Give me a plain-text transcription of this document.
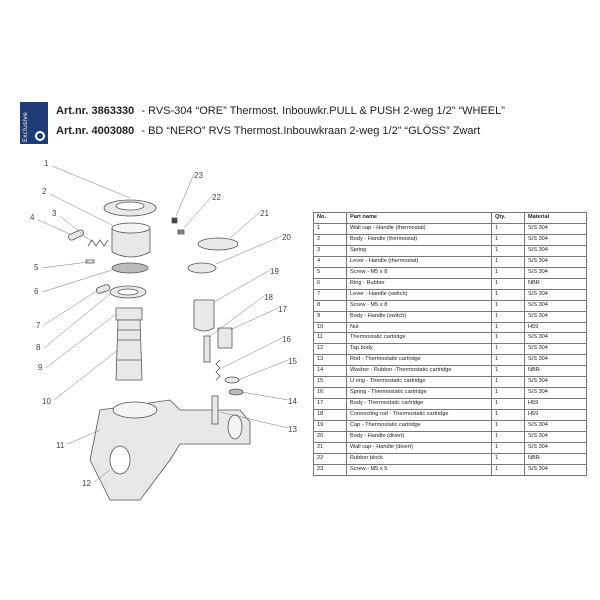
Exclusive
Art.nr. 3863330 - RVS-304 “ORE” Thermost. Inbouwkr.PULL & PUSH 2-weg 1/2” “WHEEL”
Art.nr. 4003080 - BD “NERO” RVS Thermost.Inbouwkraan 2-weg 1/2” “GLÖSS” Zwart
1
2
3
4
5
6
7
8
9
10
11
12
13
14
15
16
17
18
19
20
21
22
23
No.	Part name	Qty.	Material
1	Wall cap - Handle (thermostat)	1	S/S 304
2	Body - Handle (thermostat)	1	S/S 304
3	Spring	1	S/S 304
4	Lever - Handle (thermostat)	1	S/S 304
5	Screw - M5 x 8	1	S/S 304
6	Ring - Rubber	1	NBR
7	Lever - Handle (switch)	1	S/S 304
8	Screw - M5 x 8	1	S/S 304
9	Body - Handle (switch)	1	S/S 304
10	Nut	1	H59
11	Thermostatic cartridge	1	S/S 304
12	Tap body	1	S/S 304
13	Rod - Thermostatic cartridge	1	S/S 304
14	Washer - Rubber -Thermostatic cartridge	1	NBR
15	U ring - Thermostatic cartridge	1	S/S 304
16	Spring - Thermostatic cartridge	1	S/S 304
17	Body - Thermostatic cartridge	1	H59
18	Connecting rod - Thermostatic cartridge	1	H59
19	Cap - Thermostatic cartridge	1	S/S 304
20	Body - Handle (divert)	1	S/S 304
21	Wall cap - Handle (divert)	1	S/S 304
22	Rubber block	1	NBR
23	Screw - M5 x 5	1	S/S 304
